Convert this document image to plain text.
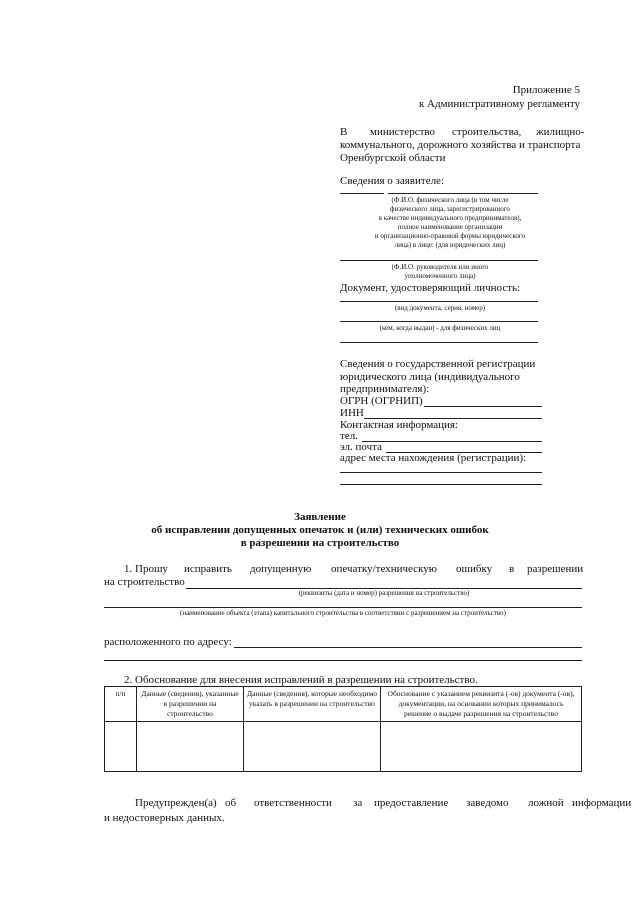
Приложение 5
к Административному регламенту
В министерство строительства, жилищно-
коммунального, дорожного хозяйства и транспорта
Оренбургской области
Сведения о заявителе:
(Ф.И.О. физического лица (в том числе
физического лица, зарегистрированного
в качестве индивидуального предпринимателя),
полное наименование организации
и организационно-правовой формы юридического
лица) в лице: (для юридических лиц)
(Ф.И.О. руководителя или иного
уполномоченного лица)
Документ, удостоверяющий личность:
(вид документа, серия, номер)
(кем, когда выдан) - для физических лиц
Сведения о государственной регистрации
юридического лица (индивидуального
предпринимателя):
ОГРН (ОГРНИП)
ИНН
Контактная информация:
тел.
эл. почта
адрес места нахождения (регистрации):
Заявление
об исправлении допущенных опечаток и (или) технических ошибок
в разрешении на строительство
1. Прошу исправить допущенную опечатку/техническую ошибку в разрешении
на строительство
(реквизиты (дата и номер) разрешения на строительство)
(наименование объекта (этапа) капитального строительства в соответствии с разрешением на строительство)
расположенного по адресу:
2. Обоснование для внесения исправлений в разрешении на строительство.
п/п	Данные (сведения), указанные в разрешении на строительство	Данные (сведения), которые необходимо указать в разрешении на строительство	Обоснование с указанием реквизита (-ов) документа (-ов), документации, на основании которых принималось решение о выдаче разрешения на строительство

Предупрежден(а) об ответственности за предоставление заведомо ложной информации
и недостоверных данных.
